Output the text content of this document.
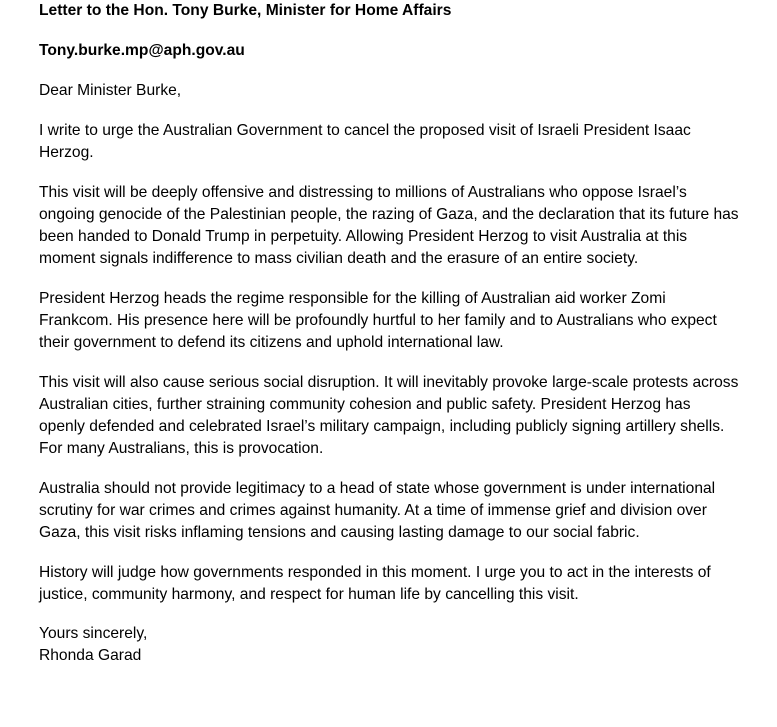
Letter to the Hon. Tony Burke, Minister for Home Affairs

Tony.burke.mp@aph.gov.au

Dear Minister Burke,

I write to urge the Australian Government to cancel the proposed visit of Israeli President Isaac Herzog.

This visit will be deeply offensive and distressing to millions of Australians who oppose Israel’s ongoing genocide of the Palestinian people, the razing of Gaza, and the declaration that its future has been handed to Donald Trump in perpetuity. Allowing President Herzog to visit Australia at this moment signals indifference to mass civilian death and the erasure of an entire society.

President Herzog heads the regime responsible for the killing of Australian aid worker Zomi Frankcom. His presence here will be profoundly hurtful to her family and to Australians who expect their government to defend its citizens and uphold international law.

This visit will also cause serious social disruption. It will inevitably provoke large-scale protests across Australian cities, further straining community cohesion and public safety. President Herzog has openly defended and celebrated Israel’s military campaign, including publicly signing artillery shells. For many Australians, this is provocation.

Australia should not provide legitimacy to a head of state whose government is under international scrutiny for war crimes and crimes against humanity. At a time of immense grief and division over Gaza, this visit risks inflaming tensions and causing lasting damage to our social fabric.

History will judge how governments responded in this moment. I urge you to act in the interests of justice, community harmony, and respect for human life by cancelling this visit.

Yours sincerely,

Rhonda Garad
